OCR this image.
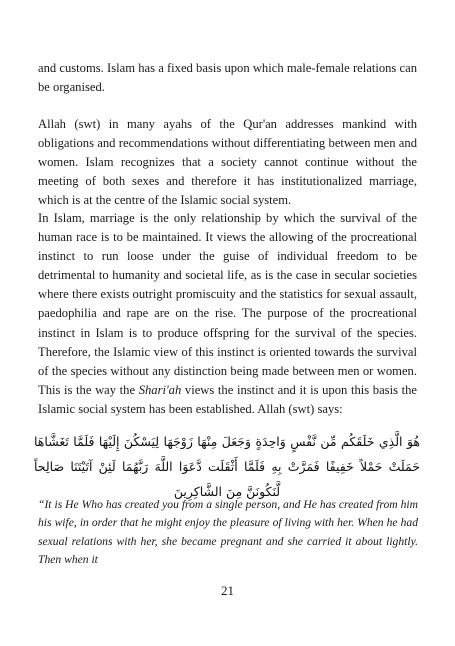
and customs. Islam has a fixed basis upon which male-female relations can be organised.

Allah (swt) in many ayahs of the Qur'an addresses mankind with obligations and recommendations without differentiating between men and women. Islam recognizes that a society cannot continue without the meeting of both sexes and therefore it has institutionalized marriage, which is at the centre of the Islamic social system.

In Islam, marriage is the only relationship by which the survival of the human race is to be maintained. It views the allowing of the procreational instinct to run loose under the guise of individual freedom to be detrimental to humanity and societal life, as is the case in secular societies where there exists outright promiscuity and the statistics for sexual assault, paedophilia and rape are on the rise. The purpose of the procreational instinct in Islam is to produce offspring for the survival of the species. Therefore, the Islamic view of this instinct is oriented towards the survival of the species without any distinction being made between men or women. This is the way the Shari'ah views the instinct and it is upon this basis the Islamic social system has been established. Allah (swt) says:

هُوَ الَّذِي خَلَقَكُم مِّن نَّفْسٍ وَاحِدَةٍ وَجَعَلَ مِنْهَا زَوْجَهَا لِيَسْكُنَ إِلَيْهَا فَلَمَّا تَغَشَّاهَا حَمَلَتْ حَمْلاً خَفِيفًا فَمَرَّتْ بِهِ فَلَمَّا أَثْقَلَت دَّعَوَا اللَّهَ رَبَّهُمَا لَئِنْ آتَيْتَنَا صَالِحاً لَّنَكُونَنَّ مِنَ الشَّاكِرِينَ

“It is He Who has created you from a single person, and He has created from him his wife, in order that he might enjoy the pleasure of living with her. When he had sexual relations with her, she became pregnant and she carried it about lightly. Then when it

21
